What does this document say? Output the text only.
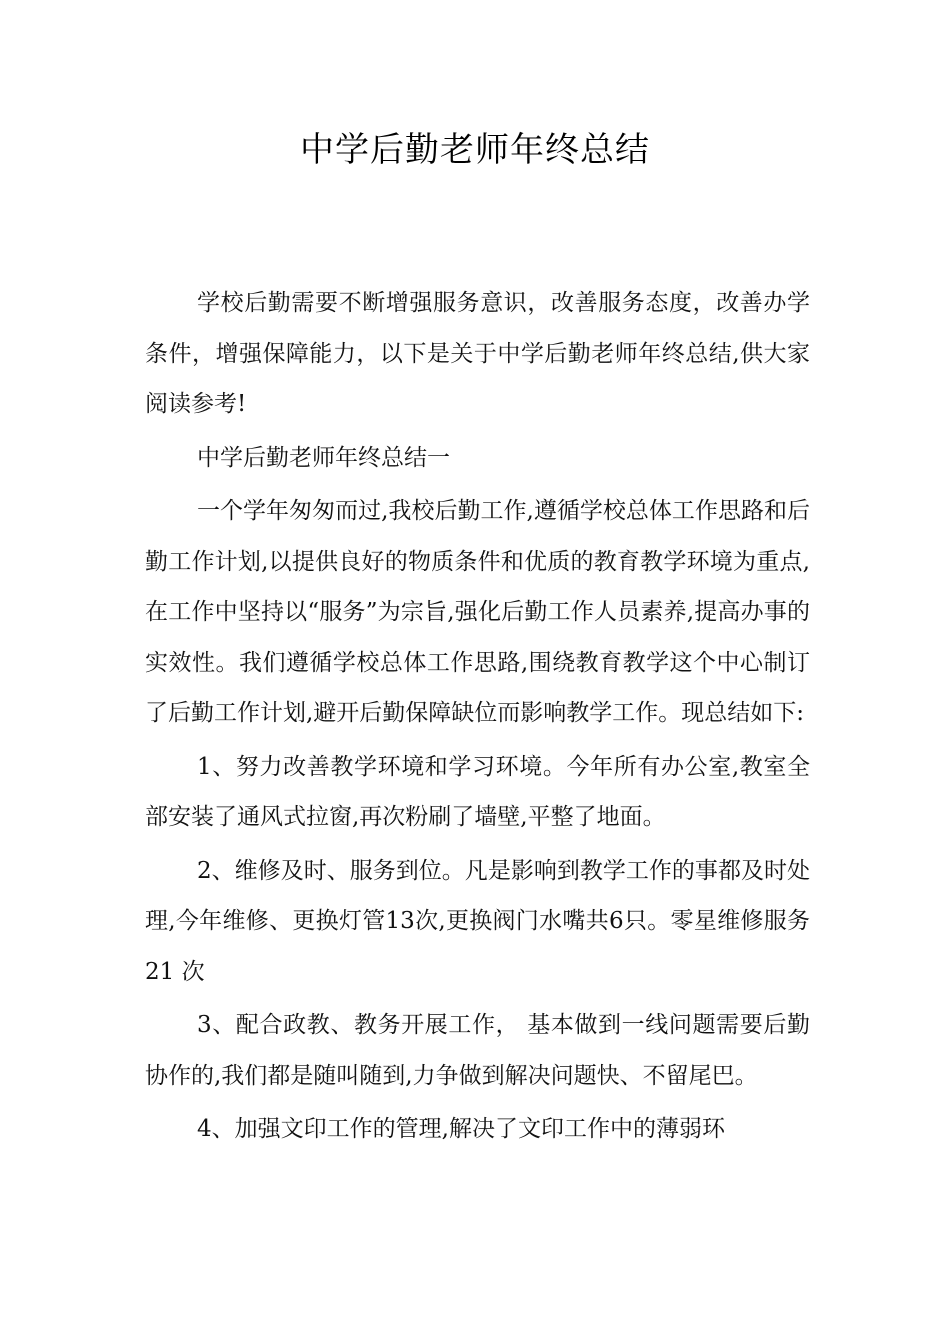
中学后勤老师年终总结

学校后勤需要不断增强服务意识，改善服务态度，改善办学条件，增强保障能力，以下是关于中学后勤老师年终总结,供大家阅读参考!

中学后勤老师年终总结一

一个学年匆匆而过,我校后勤工作,遵循学校总体工作思路和后勤工作计划,以提供良好的物质条件和优质的教育教学环境为重点,在工作中坚持以“服务”为宗旨,强化后勤工作人员素养,提高办事的实效性。我们遵循学校总体工作思路,围绕教育教学这个中心制订了后勤工作计划,避开后勤保障缺位而影响教学工作。现总结如下:

1、努力改善教学环境和学习环境。今年所有办公室,教室全部安装了通风式拉窗,再次粉刷了墙壁,平整了地面。

2、维修及时、服务到位。凡是影响到教学工作的事都及时处理,今年维修、更换灯管13次,更换阀门水嘴共6只。零星维修服务21 次

3、配合政教、教务开展工作， 基本做到一线问题需要后勤协作的,我们都是随叫随到,力争做到解决问题快、不留尾巴。

4、加强文印工作的管理,解决了文印工作中的薄弱环
